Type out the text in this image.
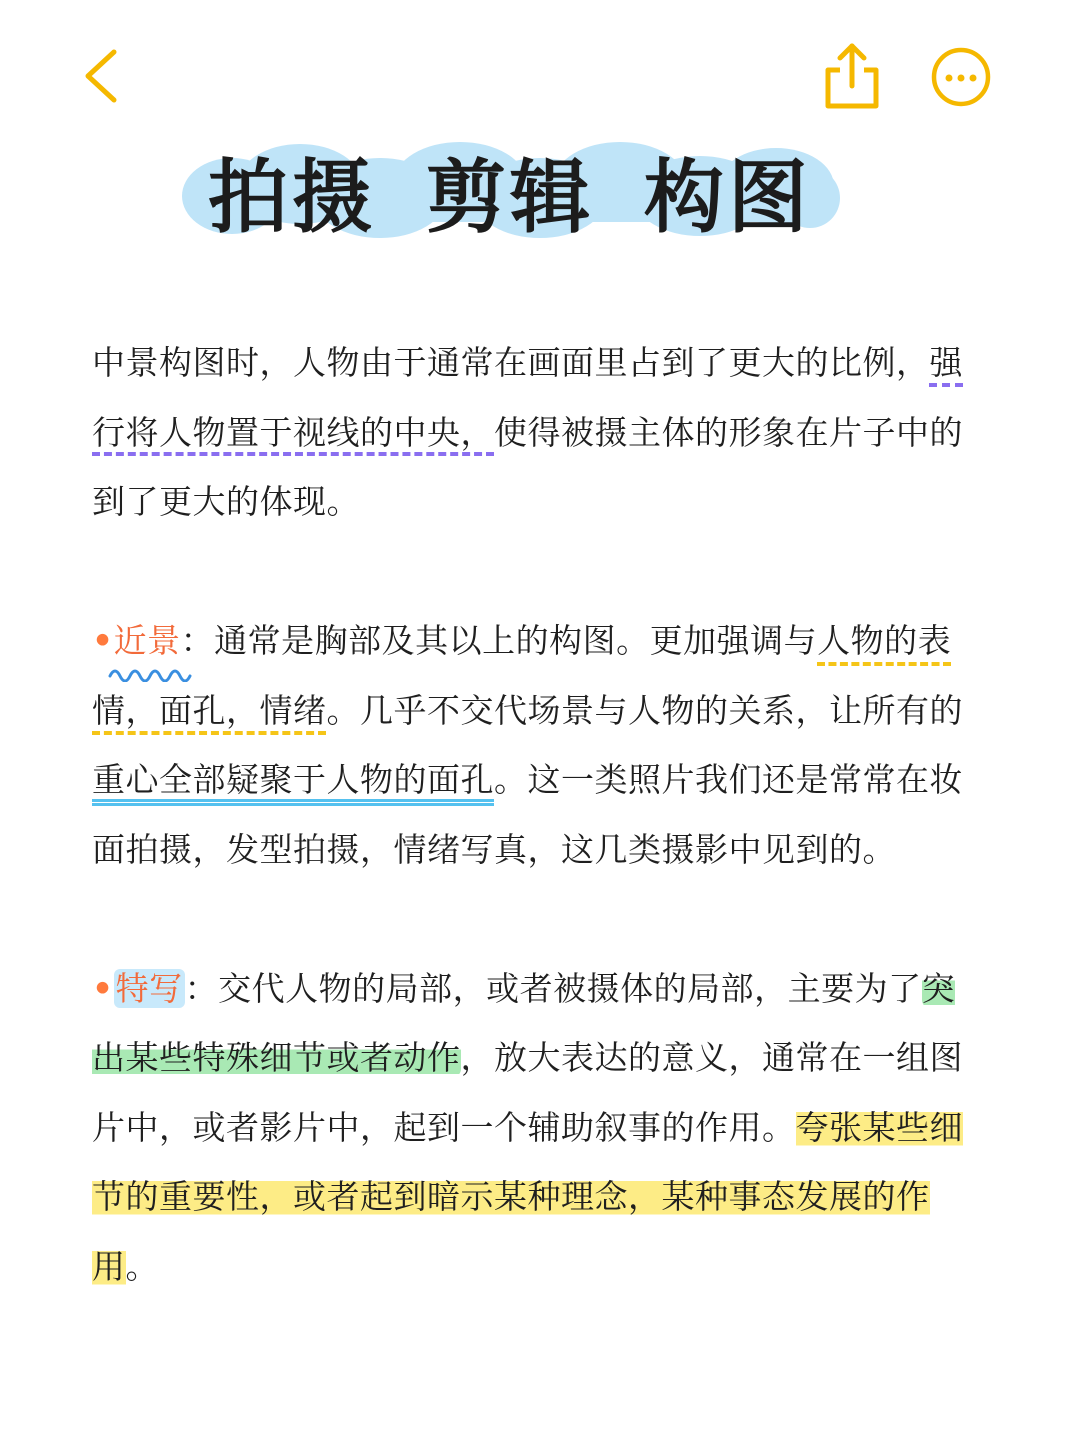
拍摄 剪辑 构图

中景构图时，人物由于通常在画面里占到了更大的比例，强行将人物置于视线的中央，使得被摄主体的形象在片子中的到了更大的体现。

•近景
：通常是胸部及其以上的构图。更加强调与人物的表情，面孔，情绪。几乎不交代场景与人物的关系，让所有的重心全部疑聚于人物的面孔。这一类照片我们还是常常在妆面拍摄，发型拍摄，情绪写真，这几类摄影中见到的。

•特写：交代人物的局部，或者被摄体的局部，主要为了突出某些特殊细节或者动作，放大表达的意义，通常在一组图片中，或者影片中，起到一个辅助叙事的作用。夸张某些细节的重要性，或者起到暗示某种理念，某种事态发展的作用。
